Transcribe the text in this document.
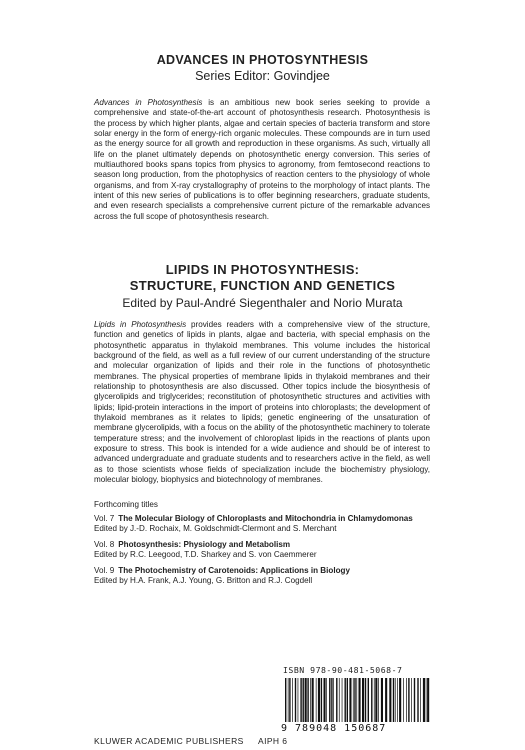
ADVANCES IN PHOTOSYNTHESIS
Series Editor: Govindjee
Advances in Photosynthesis is an ambitious new book series seeking to provide a comprehensive and state-of-the-art account of photosynthesis research. Photosynthesis is the process by which higher plants, algae and certain species of bacteria transform and store solar energy in the form of energy-rich organic molecules. These compounds are in turn used as the energy source for all growth and reproduction in these organisms. As such, virtually all life on the planet ultimately depends on photosynthetic energy conversion. This series of multiauthored books spans topics from physics to agronomy, from femtosecond reactions to season long production, from the photophysics of reaction centers to the physiology of whole organisms, and from X-ray crystallography of proteins to the morphology of intact plants. The intent of this new series of publications is to offer beginning researchers, graduate students, and even research specialists a comprehensive current picture of the remarkable advances across the full scope of photosynthesis research.
LIPIDS IN PHOTOSYNTHESIS:
STRUCTURE, FUNCTION AND GENETICS
Edited by Paul-André Siegenthaler and Norio Murata
Lipids in Photosynthesis provides readers with a comprehensive view of the structure, function and genetics of lipids in plants, algae and bacteria, with special emphasis on the photosynthetic apparatus in thylakoid membranes. This volume includes the historical background of the field, as well as a full review of our current understanding of the structure and molecular organization of lipids and their role in the functions of photosynthetic membranes. The physical properties of membrane lipids in thylakoid membranes and their relationship to photosynthesis are also discussed. Other topics include the biosynthesis of glycerolipids and triglycerides; reconstitution of photosynthetic structures and activities with lipids; lipid-protein interactions in the import of proteins into chloroplasts; the development of thylakoid membranes as it relates to lipids; genetic engineering of the unsaturation of membrane glycerolipids, with a focus on the ability of the photosynthetic machinery to tolerate temperature stress; and the involvement of chloroplast lipids in the reactions of plants upon exposure to stress. This book is intended for a wide audience and should be of interest to advanced undergraduate and graduate students and to researchers active in the field, as well as to those scientists whose fields of specialization include the biochemistry physiology, molecular biology, biophysics and biotechnology of membranes.
Forthcoming titles
Vol. 7 The Molecular Biology of Chloroplasts and Mitochondria in Chlamydomonas
Edited by J.-D. Rochaix, M. Goldschmidt-Clermont and S. Merchant
Vol. 8 Photosynthesis: Physiology and Metabolism
Edited by R.C. Leegood, T.D. Sharkey and S. von Caemmerer
Vol. 9 The Photochemistry of Carotenoids: Applications in Biology
Edited by H.A. Frank, A.J. Young, G. Britton and R.J. Cogdell
ISBN 978-90-481-5068-7
9 789048 150687
KLUWER ACADEMIC PUBLISHERS AIPH 6
